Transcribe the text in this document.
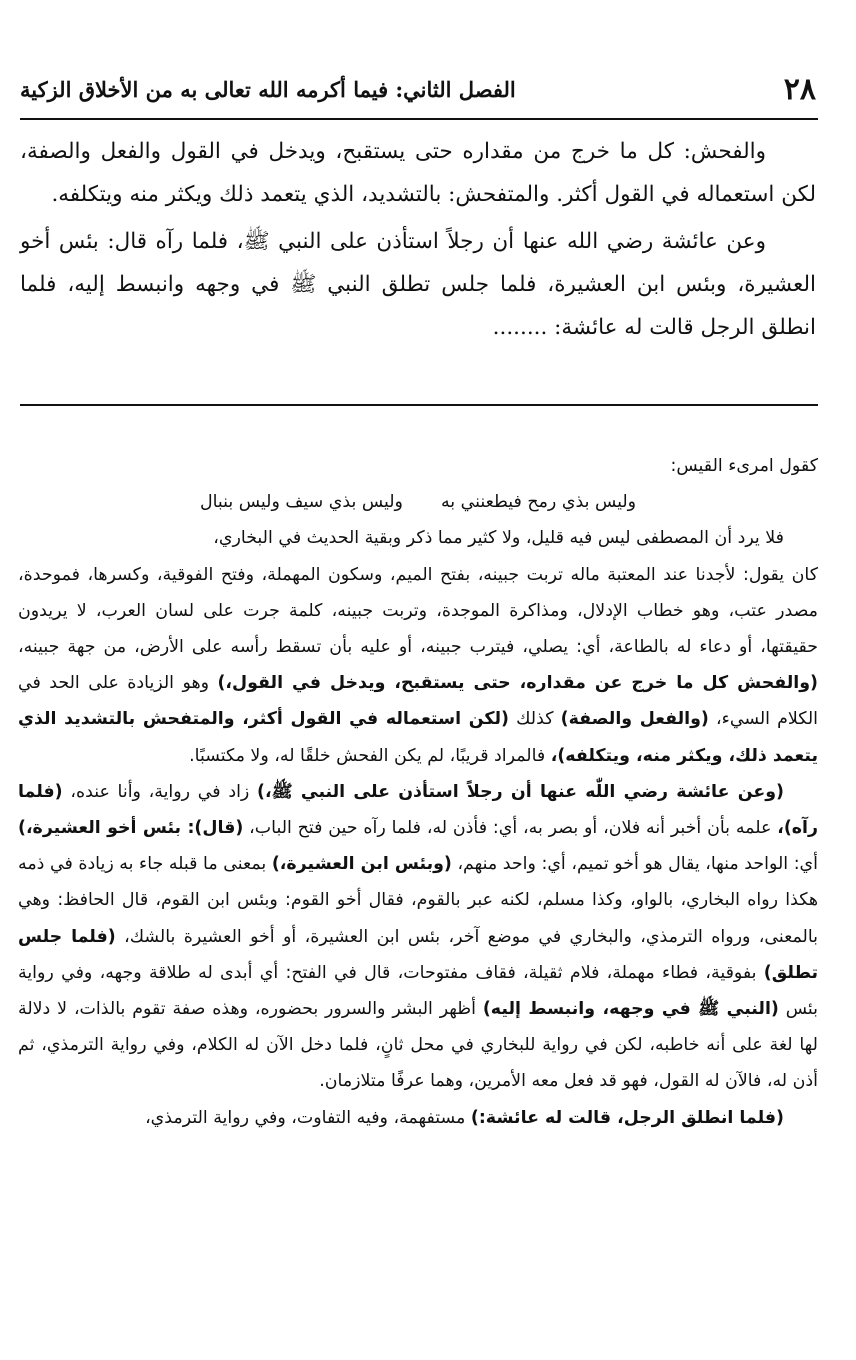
٢٨
الفصل الثاني: فيما أكرمه الله تعالى به من الأخلاق الزكية

والفحش: كل ما خرج من مقداره حتى يستقبح، ويدخل في القول والفعل والصفة، لكن استعماله في القول أكثر. والمتفحش: بالتشديد، الذي يتعمد ذلك ويكثر منه ويتكلفه.

وعن عائشة رضي الله عنها أن رجلاً استأذن على النبي ﷺ، فلما رآه قال: بئس أخو العشيرة، وبئس ابن العشيرة، فلما جلس تطلق النبي ﷺ في وجهه وانبسط إليه، فلما انطلق الرجل قالت له عائشة: ........

كقول امرىء القيس:

وليس بذي رمح فيطعنني به
وليس بذي سيف وليس بنبال

فلا يرد أن المصطفى ليس فيه قليل، ولا كثير مما ذكر وبقية الحديث في البخاري،

كان يقول: لأجدنا عند المعتبة ماله تربت جبينه، بفتح الميم، وسكون المهملة، وفتح الفوقية، وكسرها، فموحدة، مصدر عتب، وهو خطاب الإدلال، ومذاكرة الموجدة، وتربت جبينه، كلمة جرت على لسان العرب، لا يريدون حقيقتها، أو دعاء له بالطاعة، أي: يصلي، فيترب جبينه، أو عليه بأن تسقط رأسه على الأرض، من جهة جبينه، (والفحش كل ما خرج عن مقداره، حتى يستقبح، ويدخل في القول،) وهو الزيادة على الحد في الكلام السيء، (والفعل والصفة) كذلك (لكن استعماله في القول أكثر، والمتفحش بالتشديد الذي يتعمد ذلك، ويكثر منه، ويتكلفه)، فالمراد قريبًا، لم يكن الفحش خلقًا له، ولا مكتسبًا.

(وعن عائشة رضي اللّٰه عنها أن رجلاً استأذن على النبي ﷺ،) زاد في رواية، وأنا عنده، (فلما رآه)، علمه بأن أخبر أنه فلان، أو بصر به، أي: فأذن له، فلما رآه حين فتح الباب، (قال): بئس أخو العشيرة،) أي: الواحد منها، يقال هو أخو تميم، أي: واحد منهم، (وبئس ابن العشيرة،) بمعنى ما قبله جاء به زيادة في ذمه هكذا رواه البخاري، بالواو، وكذا مسلم، لكنه عبر بالقوم، فقال أخو القوم: وبئس ابن القوم، قال الحافظ: وهي بالمعنى، ورواه الترمذي، والبخاري في موضع آخر، بئس ابن العشيرة، أو أخو العشيرة بالشك، (فلما جلس تطلق) بفوقية، فطاء مهملة، فلام ثقيلة، فقاف مفتوحات، قال في الفتح: أي أبدى له طلاقة وجهه، وفي رواية بئس (النبي ﷺ في وجهه، وانبسط إليه) أظهر البشر والسرور بحضوره، وهذه صفة تقوم بالذات، لا دلالة لها لغة على أنه خاطبه، لكن في رواية للبخاري في محل ثانٍ، فلما دخل الآن له الكلام، وفي رواية الترمذي، ثم أذن له، فالآن له القول، فهو قد فعل معه الأمرين، وهما عرفًا متلازمان.

(فلما انطلق الرجل، قالت له عائشة:) مستفهمة، وفيه التفاوت، وفي رواية الترمذي،
